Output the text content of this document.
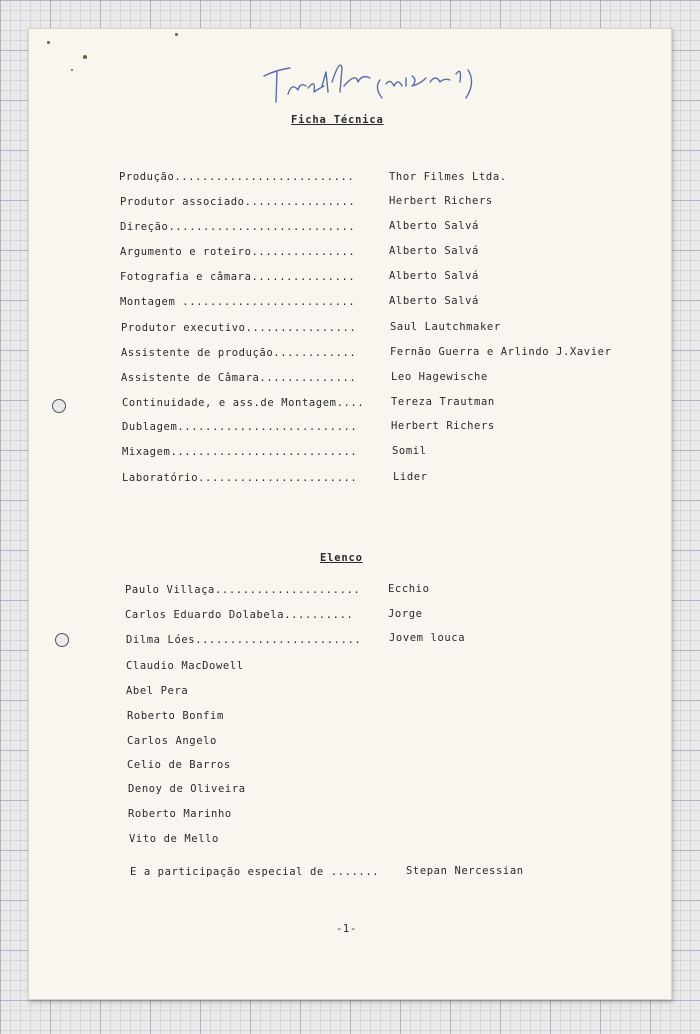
Ficha Técnica
Produção..........................	Thor Filmes Ltda.
Produtor associado................	Herbert Richers
Direção...........................	Alberto Salvá
Argumento e roteiro...............	Alberto Salvá
Fotografia e câmara...............	Alberto Salvá
Montagem .........................	Alberto Salvá
Produtor executivo................	Saul Lautchmaker
Assistente de produção............	Fernão Guerra e Arlindo J.Xavier
Assistente de Câmara..............	Leo Hagewische
Continuidade, e ass.de Montagem....	Tereza Trautman
Dublagem..........................	Herbert Richers
Mixagem...........................	Somil
Laboratório.......................	Lider
Elenco
Paulo Villaça.....................	Ecchio
Carlos Eduardo Dolabela..........	Jorge
Dilma Lóes........................	Jovem louca
Claudio MacDowell
Abel Pera
Roberto Bonfim
Carlos Angelo
Celio de Barros
Denoy de Oliveira
Roberto Marinho
Vito de Mello
E a participação especial de .......	Stepan Nercessian
-1-
